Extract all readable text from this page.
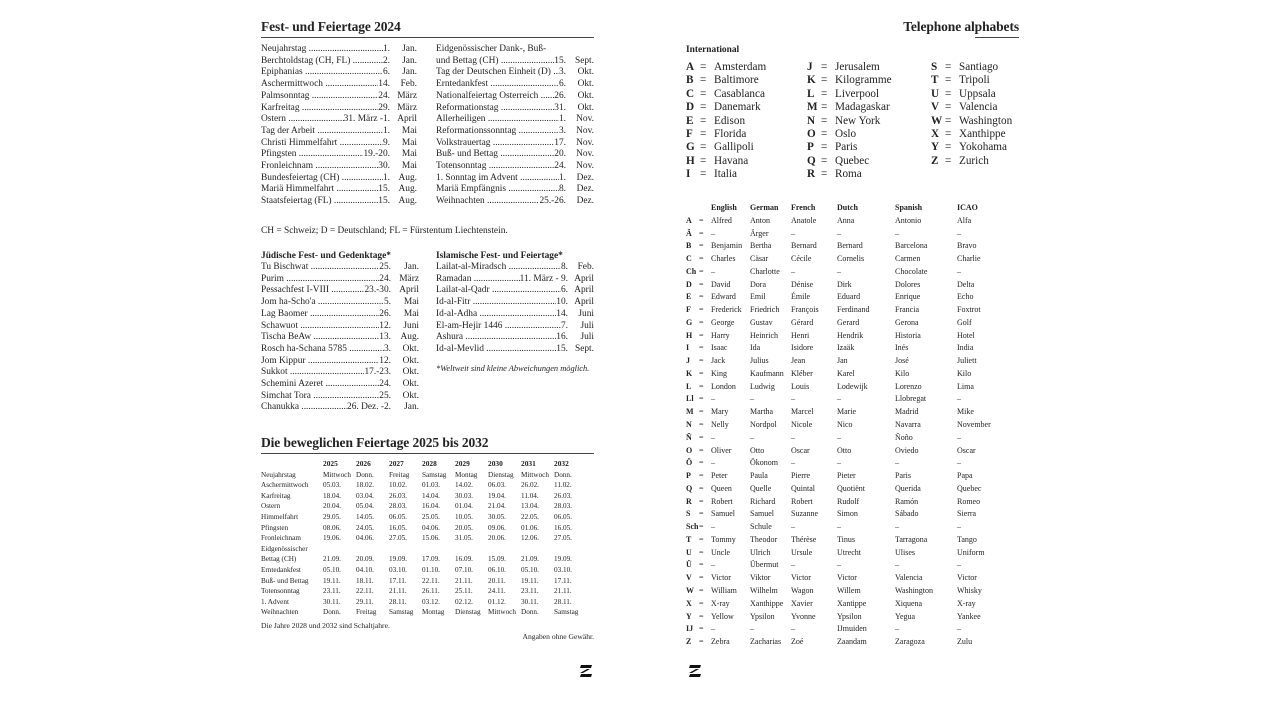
Fest- und Feiertage 2024
Neujahrstag .....	1.	Jan.
Berchtoldstag (CH, FL) .....	2.	Jan.
Epiphanias .....	6.	Jan.
Aschermittwoch .....	14.	Feb.
Palmsonntag .....	24. März
Karfreitag .....	29. März
Ostern .....	31. März -1. April
Tag der Arbeit .....	1.	Mai
Christi Himmelfahrt .....	9.	Mai
Pfingsten .....	19.-20.	Mai
Fronleichnam .....	30.	Mai
Bundesfeiertag (CH) .....	1. Aug.
Mariä Himmelfahrt .....	15. Aug.
Staatsfeiertag (FL) .....	15. Aug.
Eidgenössischer Dank-, Buß-
und Bettag (CH) .....	15. Sept.
Tag der Deutschen Einheit (D) ..... 3.	Okt.
Erntedankfest .....	6.	Okt.
Nationalfeiertag Österreich .....	26.	Okt.
Reformationstag .....	31.	Okt.
Allerheiligen .....	1.	Nov.
Reformationssonntag .....	3.	Nov.
Volkstrauertag .....	17.	Nov.
Buß- und Bettag .....	20.	Nov.
Totensonntag .....	24.	Nov.
1. Sonntag im Advent .....	1.	Dez.
Mariä Empfängnis .....	8.	Dez.
Weihnachten .....	25.-26.	Dez.
CH = Schweiz; D = Deutschland; FL = Fürstentum Liechtenstein.
Jüdische Fest- und Gedenktage*
Tu Bischwat .....	25.	Jan.
Purim .....	24. März
Pessachfest I-VIII .....	23.-30. April
Jom ha-Scho'a .....	5.	Mai
Lag Baomer .....	26.	Mai
Schawuot .....	12.	Juni
Tischa BeAw .....	13.	Aug.
Rosch ha-Schana 5785 .....	3.	Okt.
Jom Kippur .....	12.	Okt.
Sukkot .....	17.-23.	Okt.
Schemini Azeret .....	24.	Okt.
Simchat Tora .....	25.	Okt.
Chanukka .....	26. Dez. -2.	Jan.
Islamische Fest- und Feiertage*
Lailat-al-Miradsch .....	8.	Feb.
Ramadan .....	11. März - 9. April
Lailat-al-Qadr .....	6. April
Id-al-Fitr .....	10. April
Id-al-Adha .....	14.	Juni
El-am-Hejir 1446 .....	7.	Juli
Ashura .....	16.	Juli
Id-al-Mevlid .....	15. Sept.
*Weltweit sind kleine Abweichungen möglich.
Die beweglichen Feiertage 2025 bis 2032
	2025	2026	2027	2028	2029	2030	2031	2032
Neujahrstag	Mittwoch	Donn.	Freitag	Samstag	Montag	Dienstag	Mittwoch	Donn.
Aschermittwoch	05.03.	18.02.	10.02.	01.03.	14.02.	06.03.	26.02.	11.02.
Karfreitag	18.04.	03.04.	26.03.	14.04.	30.03.	19.04.	11.04.	26.03.
Ostern	20.04.	05.04.	28.03.	16.04.	01.04.	21.04.	13.04.	28.03.
Himmelfahrt	29.05.	14.05.	06.05.	25.05.	10.05.	30.05.	22.05.	06.05.
Pfingsten	08.06.	24.05.	16.05.	04.06.	20.05.	09.06.	01.06.	16.05.
Fronleichnam	19.06.	04.06.	27.05.	15.06.	31.05.	20.06.	12.06.	27.05.
Eidgenössischer								
Bettag (CH)	21.09.	20.09.	19.09.	17.09.	16.09.	15.09.	21.09.	19.09.
Erntedankfest	05.10.	04.10.	03.10.	01.10.	07.10.	06.10.	05.10.	03.10.
Buß- und Bettag	19.11.	18.11.	17.11.	22.11.	21.11.	20.11.	19.11.	17.11.
Totensonntag	23.11.	22.11.	21.11.	26.11.	25.11.	24.11.	23.11.	21.11.
1. Advent	30.11.	29.11.	28.11.	03.12.	02.12.	01.12.	30.11.	28.11.
Weihnachten	Donn.	Freitag	Samstag	Montag	Dienstag	Mittwoch	Donn.	Samstag
Die Jahre 2028 und 2032 sind Schaltjahre.
Angaben ohne Gewähr.
Telephone alphabets
International
A = Amsterdam
B = Baltimore
C = Casablanca
D = Danemark
E = Edison
F = Florida
G = Gallipoli
H = Havana
I = Italia
J = Jerusalem
K = Kilogramme
L = Liverpool
M = Madagaskar
N = New York
O = Oslo
P = Paris
Q = Quebec
R = Roma
S = Santiago
T = Tripoli
U = Uppsala
V = Valencia
W = Washington
X = Xanthippe
Y = Yokohama
Z = Zurich
		English	German	French	Dutch	Spanish	ICAO
A	=	Alfred	Anton	Anatole	Anna	Antonio	Alfa
Ä	=	–	Ärger	–	–	–	–
B	=	Benjamin	Bertha	Bernard	Bernard	Barcelona	Bravo
C	=	Charles	Cäsar	Cécile	Cornelis	Carmen	Charlie
Ch	=	–	Charlotte	–	–	Chocolate	–
D	=	David	Dora	Dénise	Dirk	Dolores	Delta
E	=	Edward	Emil	Émile	Eduard	Enrique	Echo
F	=	Frederick	Friedrich	François	Ferdinand	Francia	Foxtrot
G	=	George	Gustav	Gérard	Gerard	Gerona	Golf
H	=	Harry	Heinrich	Henri	Hendrik	Historia	Hotel
I	=	Isaac	Ida	Isidore	Izaäk	Inés	India
J	=	Jack	Julius	Jean	Jan	José	Juliett
K	=	King	Kaufmann	Kléber	Karel	Kilo	Kilo
L	=	London	Ludwig	Louis	Lodewijk	Lorenzo	Lima
Ll	=	–	–	–	–	Llobregat	–
M	=	Mary	Martha	Marcel	Marie	Madrid	Mike
N	=	Nelly	Nordpol	Nicole	Nico	Navarra	November
Ñ	=	–	–	–	–	Ňoño	–
O	=	Oliver	Otto	Oscar	Otto	Oviedo	Oscar
Ö	=	–	Ökonom	–	–	–	–
P	=	Peter	Paula	Pierre	Pieter	Paris	Papa
Q	=	Queen	Quelle	Quintal	Quotiënt	Querida	Quebec
R	=	Robert	Richard	Robert	Rudolf	Ramón	Romeo
S	=	Samuel	Samuel	Suzanne	Simon	Sábado	Sierra
Sch	=	–	Schule	–	–	–	–
T	=	Tommy	Theodor	Thérèse	Tinus	Tarragona	Tango
U	=	Uncle	Ulrich	Ursule	Utrecht	Ulises	Uniform
Ü	=	–	Übermut	–	–	–	–
V	=	Victor	Viktor	Victor	Victor	Valencia	Victor
W	=	William	Wilhelm	Wagon	Willem	Washington	Whisky
X	=	X-ray	Xanthippe	Xavier	Xantippe	Xiquena	X-ray
Y	=	Yellow	Ypsilon	Yvonne	Ypsilon	Yegua	Yankee
IJ	=	–	–	–	IJmuiden	–	–
Z	=	Zebra	Zacharias	Zoé	Zaandam	Zaragoza	Zulu
